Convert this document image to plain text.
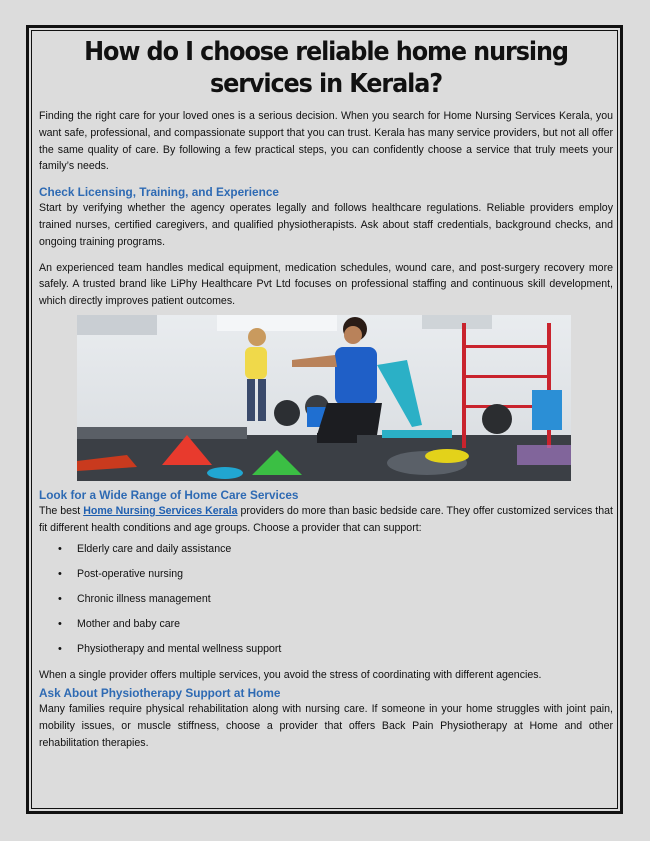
How do I choose reliable home nursing services in Kerala?

Finding the right care for your loved ones is a serious decision. When you search for Home Nursing Services Kerala, you want safe, professional, and compassionate support that you can trust. Kerala has many service providers, but not all offer the same quality of care. By following a few practical steps, you can confidently choose a service that truly meets your family’s needs.

Check Licensing, Training, and Experience

Start by verifying whether the agency operates legally and follows healthcare regulations. Reliable providers employ trained nurses, certified caregivers, and qualified physiotherapists. Ask about staff credentials, background checks, and ongoing training programs.

An experienced team handles medical equipment, medication schedules, wound care, and post-surgery recovery more safely. A trusted brand like LiPhy Healthcare Pvt Ltd focuses on professional staffing and continuous skill development, which directly improves patient outcomes.

Look for a Wide Range of Home Care Services

The best Home Nursing Services Kerala providers do more than basic bedside care. They offer customized services that fit different health conditions and age groups. Choose a provider that can support:

• Elderly care and daily assistance
• Post-operative nursing
• Chronic illness management
• Mother and baby care
• Physiotherapy and mental wellness support

When a single provider offers multiple services, you avoid the stress of coordinating with different agencies.

Ask About Physiotherapy Support at Home

Many families require physical rehabilitation along with nursing care. If someone in your home struggles with joint pain, mobility issues, or muscle stiffness, choose a provider that offers Back Pain Physiotherapy at Home and other rehabilitation therapies.
